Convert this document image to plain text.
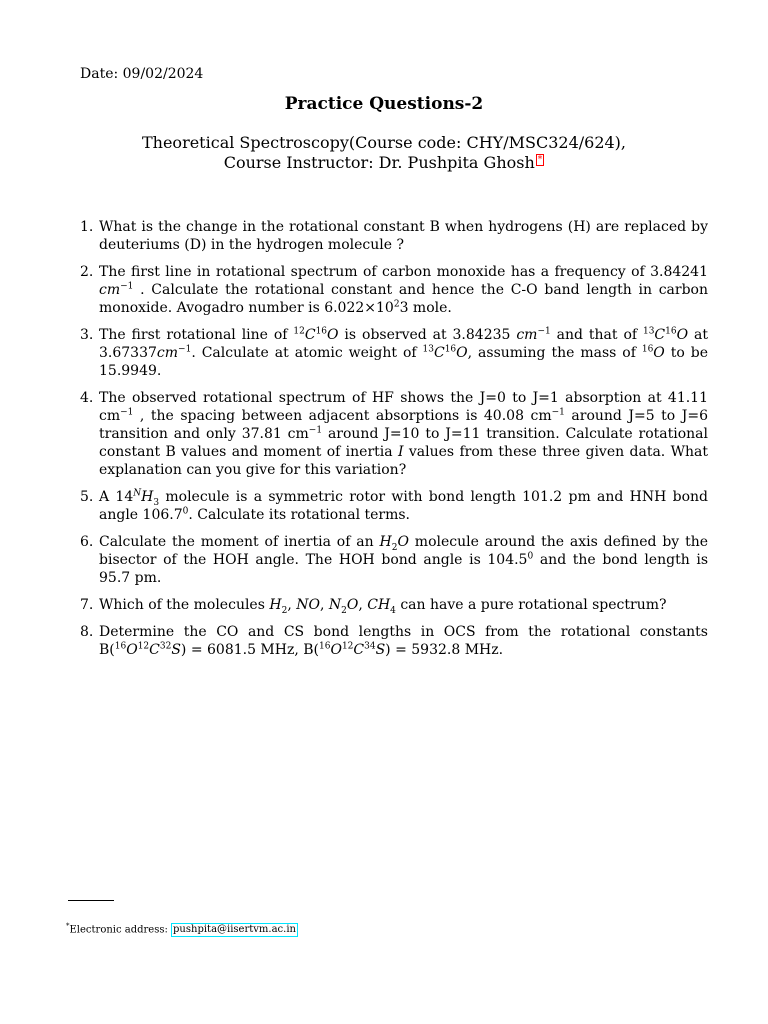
Date: 09/02/2024
Practice Questions-2
Theoretical Spectroscopy(Course code: CHY/MSC324/624),
Course Instructor: Dr. Pushpita Ghosh *
1. What is the change in the rotational constant B when hydrogens (H) are replaced by deuteriums (D) in the hydrogen molecule ?
2. The first line in rotational spectrum of carbon monoxide has a frequency of 3.84241 $cm^{-1}$ . Calculate the rotational constant and hence the C-O band length in carbon monoxide. Avogadro number is $6.022\times 10^23$ mole.
3. The first rotational line of $^{12}C^{16}O$ is observed at 3.84235 $cm^{-1}$ and that of $^{13}C^{16}O$ at $3.67337cm^{-1}$. Calculate at atomic weight of $^{13}C^{16}O$, assuming the mass of $^{16}$O to be 15.9949.
4. The observed rotational spectrum of HF shows the J=0 to J=1 absorption at 41.11 $cm^{-1}$ , the spacing between adjacent absorptions is 40.08 $cm^{-1}$ around J=5 to J=6 transition and only 37.81 $cm^{-1}$ around J=10 to J=11 transition. Calculate rotational constant B values and moment of inertia I values from these three given data. What explanation can you give for this variation?
5. A $14^NH_3$ molecule is a symmetric rotor with bond length 101.2 pm and HNH bond angle 106.7$^0$. Calculate its rotational terms.
6. Calculate the moment of inertia of an $H_2O$ molecule around the axis defined by the bisector of the HOH angle. The HOH bond angle is 104.5$^0$ and the bond length is 95.7 pm.
7. Which of the molecules $H_2$, NO, $N_2O$, $CH_4$ can have a pure rotational spectrum?
8. Determine the CO and CS bond lengths in OCS from the rotational constants $B(^{16}O^{12}C^{32}S) = 6081.5$ MHz, $B(^{16}O^{12}C^{34}S) = 5932.8$ MHz.
*Electronic address: pushpita@iisertvm.ac.in
